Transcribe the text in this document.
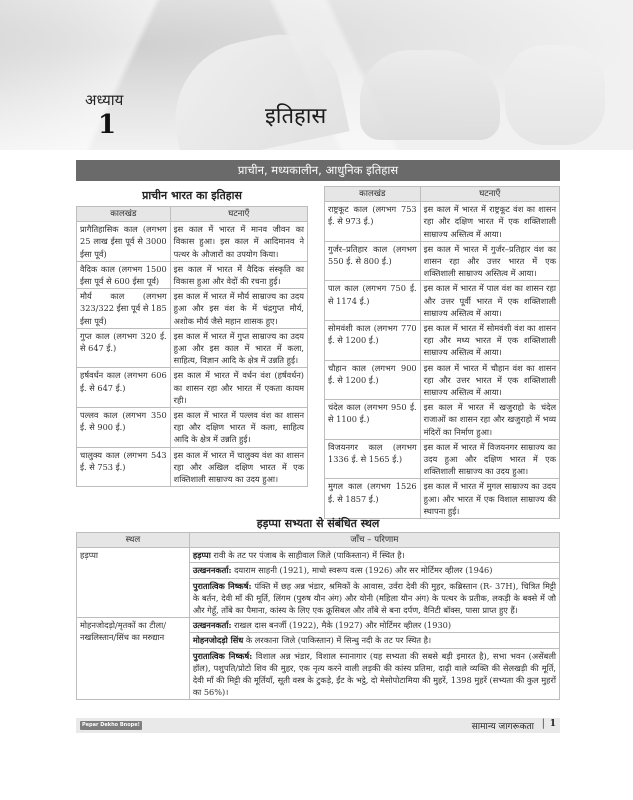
अध्याय
1	इतिहास
प्राचीन, मध्यकालीन, आधुनिक इतिहास
प्राचीन भारत का इतिहास
कालखंड	घटनाएँ
प्रागैतिहासिक काल (लगभग 25 लाख ईसा पूर्व से 3000 ईसा पूर्व)	इस काल में भारत में मानव जीवन का विकास हुआ। इस काल में आदिमानव ने पत्थर के औजारों का उपयोग किया।
वैदिक काल (लगभग 1500 ईसा पूर्व से 600 ईसा पूर्व)	इस काल में भारत में वैदिक संस्कृति का विकास हुआ और वेदों की रचना हुई।
मौर्य काल (लगभग 323/322 ईसा पूर्व से 185 ईसा पूर्व)	इस काल में भारत में मौर्य साम्राज्य का उदय हुआ और इस वंश के में चंद्रगुप्त मौर्य, अशोक मौर्य जैसे महान शासक हुए।
गुप्त काल (लगभग 320 ई. से 647 ई.)	इस काल में भारत में गुप्त साम्राज्य का उदय हुआ और इस काल में भारत में कला, साहित्य, विज्ञान आदि के क्षेत्र में उन्नति हुई।
हर्षवर्धन काल (लगभग 606 ई. से 647 ई.)	इस काल में भारत में वर्धन वंश (हर्षवर्धन) का शासन रहा और भारत में एकता कायम रही।
पल्लव काल (लगभग 350 ई. से 900 ई.)	इस काल में भारत में पल्लव वंश का शासन रहा और दक्षिण भारत में कला, साहित्य आदि के क्षेत्र में उन्नति हुई।
चालुक्य काल (लगभग 543 ई. से 753 ई.)	इस काल में भारत में चालुक्य वंश का शासन रहा और अखिल दक्षिण भारत में एक शक्तिशाली साम्राज्य का उदय हुआ।
कालखंड	घटनाएँ
राष्ट्रकूट काल (लगभग 753 ई. से 973 ई.)	इस काल में भारत में राष्ट्रकूट वंश का शासन रहा और दक्षिण भारत में एक शक्तिशाली साम्राज्य अस्तित्व में आया।
गुर्जर–प्रतिहार काल (लगभग 550 ई. से 800 ई.)	इस काल में भारत में गुर्जर–प्रतिहार वंश का शासन रहा और उत्तर भारत में एक शक्तिशाली साम्राज्य अस्तित्व में आया।
पाल काल (लगभग 750 ई. से 1174 ई.)	इस काल में भारत में पाल वंश का शासन रहा और उत्तर पूर्वी भारत में एक शक्तिशाली साम्राज्य अस्तित्व में आया।
सोमवंशी काल (लगभग 770 ई. से 1200 ई.)	इस काल में भारत में सोमवंशी वंश का शासन रहा और मध्य भारत में एक शक्तिशाली साम्राज्य अस्तित्व में आया।
चौहान काल (लगभग 900 ई. से 1200 ई.)	इस काल में भारत में चौहान वंश का शासन रहा और उत्तर भारत में एक शक्तिशाली साम्राज्य अस्तित्व में आया।
चंदेल काल (लगभग 950 ई. से 1100 ई.)	इस काल में भारत में खजुराहो के चंदेल राजाओं का शासन रहा और खजुराहो में भव्य मंदिरों का निर्माण हुआ।
विजयनगर काल (लगभग 1336 ई. से 1565 ई.)	इस काल में भारत में विजयनगर साम्राज्य का उदय हुआ और दक्षिण भारत में एक शक्तिशाली साम्राज्य का उदय हुआ।
मुगल काल (लगभग 1526 ई. से 1857 ई.)	इस काल में भारत में मुगल साम्राज्य का उदय हुआ। और भारत में एक विशाल साम्राज्य की स्थापना हुई।
हड़प्पा सभ्यता से संबंधित स्थल
स्थल	जाँच – परिणाम
हड़प्पा	हड़प्पा रावी के तट पर पंजाब के साहीवाल जिले (पाकिस्तान) में स्थित है।
	उत्खननकर्ता: दयाराम साहनी (1921), माधो स्वरूप वत्स (1926) और सर मोर्टिमर व्हीलर (1946)
	पुरातात्विक निष्कर्ष: पंक्ति में छह अन्न भंडार, श्रमिकों के आवास, उर्वरा देवी की मुहर, कब्रिस्तान (R- 37H), चित्रित मिट्टी के बर्तन, देवी माँ की मूर्ति, लिंगम (पुरुष यौन अंग) और योनी (महिला यौन अंग) के पत्थर के प्रतीक, लकड़ी के बक्से में जौ और गेहूँ, ताँबे का पैमाना, कांस्य के लिए एक क्रूसिबल और ताँबे से बना दर्पण, वैनिटी बॉक्स, पासा प्राप्त हुए हैं।
मोहनजोदड़ो/मृतकों का टीला/नखलिस्तान/सिंध का मरुद्यान	उत्खननकर्ता: राखल दास बनर्जी (1922), मैके (1927) और मोर्टिमर व्हीलर (1930)
	मोहनजोदड़ो सिंध के लरकाना जिले (पाकिस्तान) में सिन्धु नदी के तट पर स्थित है।
	पुरातात्विक निष्कर्ष: विशाल अन्न भंडार, विशाल स्नानागार (यह सभ्यता की सबसे बड़ी इमारत है), सभा भवन (असेंबली हॉल), पशुपति/प्रोटो शिव की मुहर, एक नृत्य करने वाली लड़की की कांस्य प्रतिमा, दाढ़ी वाले व्यक्ति की सेलखड़ी की मूर्ति, देवी माँ की मिट्टी की मूर्तियाँ, सूती वस्त्र के टुकड़े, ईंट के भट्ठे, दो मेसोपोटामिया की मुहरें, 1398 मुहरें (सभ्यता की कुल मुहरों का 56%)।
Pepar Dekho Bnope!	सामान्य जागरूकता | 1
